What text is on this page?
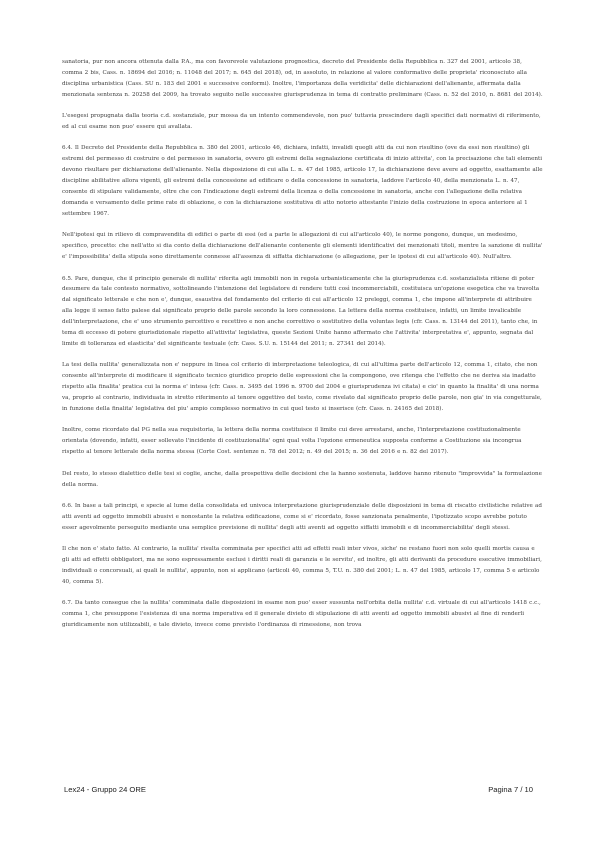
sanatoria, pur non ancora ottenuta dalla P.A., ma con favorevole valutazione prognostica, decreto del Presidente della Repubblica n. 327 del 2001, articolo 38, comma 2 bis, Cass. n. 18694 del 2016; n. 11048 del 2017; n. 645 del 2018), od, in assoluto, in relazione al valore conformativo delle proprieta' riconosciuto alla disciplina urbanistica (Cass. SU n. 183 del 2001 e successive conformi). Inoltre, l'importanza della veridicita' delle dichiarazioni dell'alienante, affermata dalla menzionata sentenza n. 20258 del 2009, ha trovato seguito nelle successive giurisprudenza in tema di contratto preliminare (Cass. n. 52 del 2010, n. 8681 del 2014).

L'esegesi propugnata dalla teoria c.d. sostanziale, pur mossa da un intento commendevole, non puo' tuttavia prescindere dagli specifici dati normativi di riferimento, ed al cui esame non puo' essere qui avallata.

6.4. Il Decreto del Presidente della Repubblica n. 380 del 2001, articolo 46, dichiara, infatti, invalidi quegli atti da cui non risultino (ove da essi non risultino) gli estremi del permesso di costruire o del permesso in sanatoria, ovvero gli estremi della segnalazione certificata di inizio attivita', con la precisazione che tali elementi devono risultare per dichiarazione dell'alienante. Nella disposizione di cui alla L. n. 47 del 1985, articolo 17, la dichiarazione deve avere ad oggetto, esattamente alle discipline abilitative allora vigenti, gli estremi della concessione ad edificare o della concessione in sanatoria, laddove l'articolo 40, della menzionata L. n. 47, consente di stipulare validamente, oltre che con l'indicazione degli estremi della licenza o della concessione in sanatoria, anche con l'allegazione della relativa domanda e versamento delle prime rate di oblazione, o con la dichiarazione sostitutiva di atto notorio attestante l'inizio della costruzione in epoca anteriore al 1 settembre 1967.

Nell'ipotesi qui in rilievo di compravendita di edifici o parte di essi (ed a parte le allegazioni di cui all'articolo 40), le norme pongono, dunque, un medesimo, specifico, precetto: che nell'atto si dia conto della dichiarazione dell'alienante contenente gli elementi identificativi dei menzionati titoli, mentre la sanzione di nullita' e' l'impossibilita' della stipula sono direttamente connesse all'assenza di siffatta dichiarazione (o allegazione, per le ipotesi di cui all'articolo 40). Null'altro.

6.5. Pare, dunque, che il principio generale di nullita' riferita agli immobili non in regola urbanisticamente che la giurisprudenza c.d. sostanzialista ritiene di poter desumere da tale contesto normativo, sottolineando l'intenzione del legislatore di rendere tutti così incommerciabili, costituisca un'opzione esegetica che va travolta dal significato letterale e che non e', dunque, esaustiva del fondamento del criterio di cui all'articolo 12 preleggi, comma 1, che impone all'interprete di attribuire alla legge il senso fatto palese dal significato proprio delle parole secondo la loro connessione. La lettera della norma costituisce, infatti, un limite invalicabile dell'interpretazione, che e' uno strumento percettivo e recettivo e non anche correttivo o sostitutivo della voluntas legis (cfr. Cass. n. 13144 del 2011), tanto che, in tema di eccesso di potere giurisdizionale rispetto all'attivita' legislativa, queste Sezioni Unite hanno affermato che l'attivita' interpretativa e', appunto, segnata dal limite di tolleranza ed elasticita' del significante testuale (cfr. Cass. S.U. n. 15144 del 2011; n. 27341 del 2014).

La tesi della nullita' generalizzata non e' neppure in linea col criterio di interpretazione teleologica, di cui all'ultima parte dell'articolo 12, comma 1, citato, che non consente all'interprete di modificare il significato tecnico giuridico proprio delle espressioni che la compongono, ove ritenga che l'effetto che ne deriva sia inadatto rispetto alla finalita' pratica cui la norma e' intesa (cfr. Cass. n. 3495 del 1996 n. 9700 del 2004 e giurisprudenza ivi citata) e cio' in quanto la finalita' di una norma va, proprio al contrario, individuata in stretto riferimento al tenore oggettivo del testo, come rivelato dal significato proprio delle parole, non gia' in via congetturale, in funzione della finalita' legislativa del piu' ampio complesso normativo in cui quel testo si inserisce (cfr. Cass. n. 24165 del 2018).

Inoltre, come ricordato dal PG nella sua requisitoria, la lettera della norma costituisce il limite cui deve arrestarsi, anche, l'interpretazione costituzionalmente orientata (dovendo, infatti, esser sollevato l'incidente di costituzionalita' ogni qual volta l'opzione ermeneutica supposta conforme a Costituzione sia incongrua rispetto al tenore letterale della norma stessa (Corte Cost. sentenze n. 78 del 2012; n. 49 del 2015; n. 36 del 2016 e n. 82 del 2017).

Del resto, lo stesso dialettico delle tesi si coglie, anche, dalla prospettiva delle decisioni che la hanno sostenuta, laddove hanno ritenuto "improvvida" la formulazione della norma.

6.6. In base a tali principi, e specie al lume della consolidata ed univoca interpretazione giurisprudenziale delle disposizioni in tema di riscatto civilistiche relative ad atti aventi ad oggetto immobili abusivi e nonostante la relativa edificazione, come si e' ricordato, fosse sanzionata penalmente, l'ipotizzato scopo avrebbe potuto esser agevolmente perseguito mediante una semplice previsione di nullita' degli atti aventi ad oggetto siffatti immobili e di incommerciabilita' degli stessi.

Il che non e' stato fatto. Al contrario, la nullita' risulta comminata per specifici atti ad effetti reali inter vivos, siche' ne restano fuori non solo quelli mortis causa e gli atti ad effetti obbligatori, ma ne sono espressamente esclusi i diritti reali di garanzia e le servitu', ed inoltre, gli atti derivanti da procedure esecutive immobiliari, individuali o concorsuali, ai quali le nullita', appunto, non si applicano (articoli 40, comma 5, T.U. n. 380 del 2001; L. n. 47 del 1985, articolo 17, comma 5 e articolo 40, comma 5).

6.7. Da tanto consegue che la nullita' comminata dalle disposizioni in esame non puo' esser sussunta nell'orbita della nullita' c.d. virtuale di cui all'articolo 1418 c.c., comma 1, che presuppone l'esistenza di una norma imperativa ed il generale divieto di stipulazione di atti aventi ad oggetto immobili abusivi al fine di renderli giuridicamente non utilizzabili, e tale divieto, invece come previsto l'ordinanza di rimessione, non trova

Lex24 - Gruppo 24 ORE	Pagina 7 / 10
